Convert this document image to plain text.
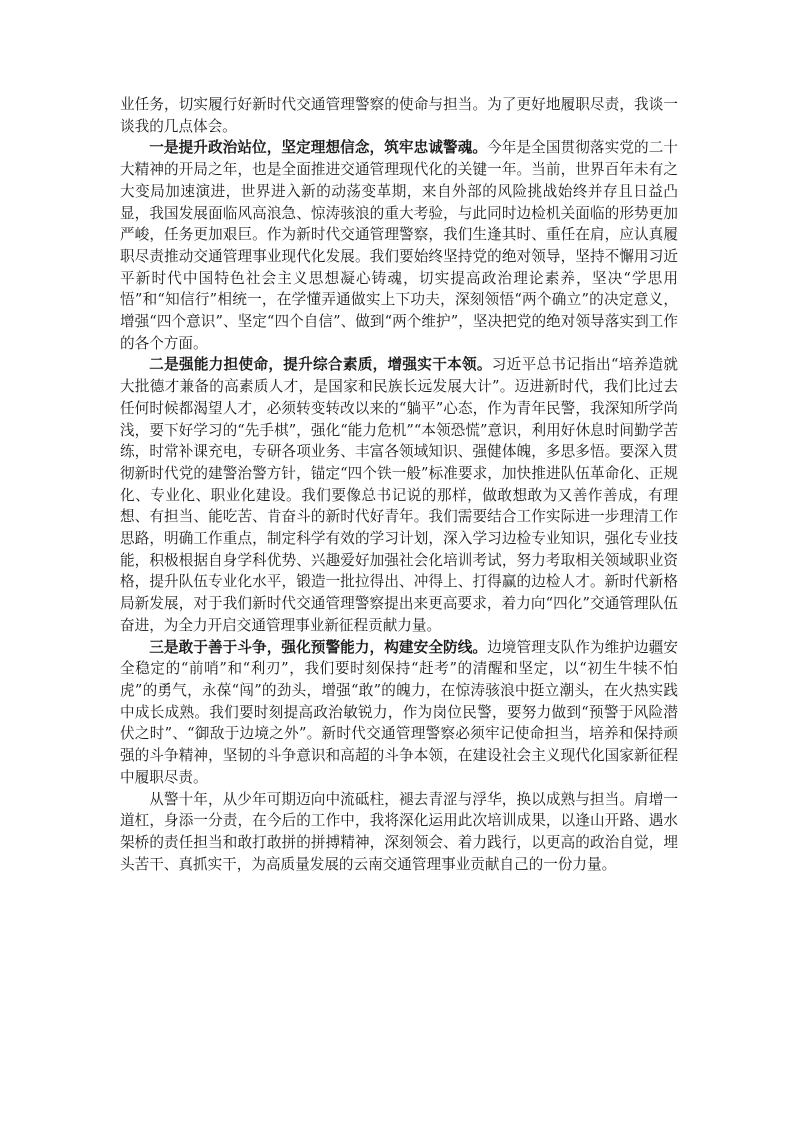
业任务，切实履行好新时代交通管理警察的使命与担当。为了更好地履职尽责，我谈一谈我的几点体会。

一是提升政治站位，坚定理想信念，筑牢忠诚警魂。今年是全国贯彻落实党的二十大精神的开局之年，也是全面推进交通管理现代化的关键一年。当前，世界百年未有之大变局加速演进，世界进入新的动荡变革期，来自外部的风险挑战始终并存且日益凸显，我国发展面临风高浪急、惊涛骇浪的重大考验，与此同时边检机关面临的形势更加严峻，任务更加艰巨。作为新时代交通管理警察，我们生逢其时、重任在肩，应认真履职尽责推动交通管理事业现代化发展。我们要始终坚持党的绝对领导，坚持不懈用习近平新时代中国特色社会主义思想凝心铸魂，切实提高政治理论素养，坚决“学思用悟”和“知信行”相统一，在学懂弄通做实上下功夫，深刻领悟“两个确立”的决定意义，增强“四个意识”、坚定“四个自信”、做到“两个维护”，坚决把党的绝对领导落实到工作的各个方面。

二是强能力担使命，提升综合素质，增强实干本领。习近平总书记指出“培养造就大批德才兼备的高素质人才，是国家和民族长远发展大计”。迈进新时代，我们比过去任何时候都渴望人才，必须转变转改以来的“躺平”心态，作为青年民警，我深知所学尚浅，要下好学习的“先手棋”，强化“能力危机”“本领恐慌”意识，利用好休息时间勤学苦练，时常补课充电，专研各项业务、丰富各领域知识、强健体魄，多思多悟。要深入贯彻新时代党的建警治警方针，锚定“四个铁一般”标准要求，加快推进队伍革命化、正规化、专业化、职业化建设。我们要像总书记说的那样，做敢想敢为又善作善成，有理想、有担当、能吃苦、肯奋斗的新时代好青年。我们需要结合工作实际进一步理清工作思路，明确工作重点，制定科学有效的学习计划，深入学习边检专业知识，强化专业技能，积极根据自身学科优势、兴趣爱好加强社会化培训考试，努力考取相关领域职业资格，提升队伍专业化水平，锻造一批拉得出、冲得上、打得赢的边检人才。新时代新格局新发展，对于我们新时代交通管理警察提出来更高要求，着力向“四化”交通管理队伍奋进，为全力开启交通管理事业新征程贡献力量。

三是敢于善于斗争，强化预警能力，构建安全防线。边境管理支队作为维护边疆安全稳定的“前哨”和“利刃”，我们要时刻保持“赶考”的清醒和坚定，以“初生牛犊不怕虎”的勇气，永葆“闯”的劲头，增强“敢”的魄力，在惊涛骇浪中挺立潮头，在火热实践中成长成熟。我们要时刻提高政治敏锐力，作为岗位民警，要努力做到“预警于风险潜伏之时”、“御敌于边境之外”。新时代交通管理警察必须牢记使命担当，培养和保持顽强的斗争精神，坚韧的斗争意识和高超的斗争本领，在建设社会主义现代化国家新征程中履职尽责。

从警十年，从少年可期迈向中流砥柱，褪去青涩与浮华，换以成熟与担当。肩增一道杠，身添一分责，在今后的工作中，我将深化运用此次培训成果，以逢山开路、遇水架桥的责任担当和敢打敢拼的拼搏精神，深刻领会、着力践行，以更高的政治自觉，埋头苦干、真抓实干，为高质量发展的云南交通管理事业贡献自己的一份力量。
